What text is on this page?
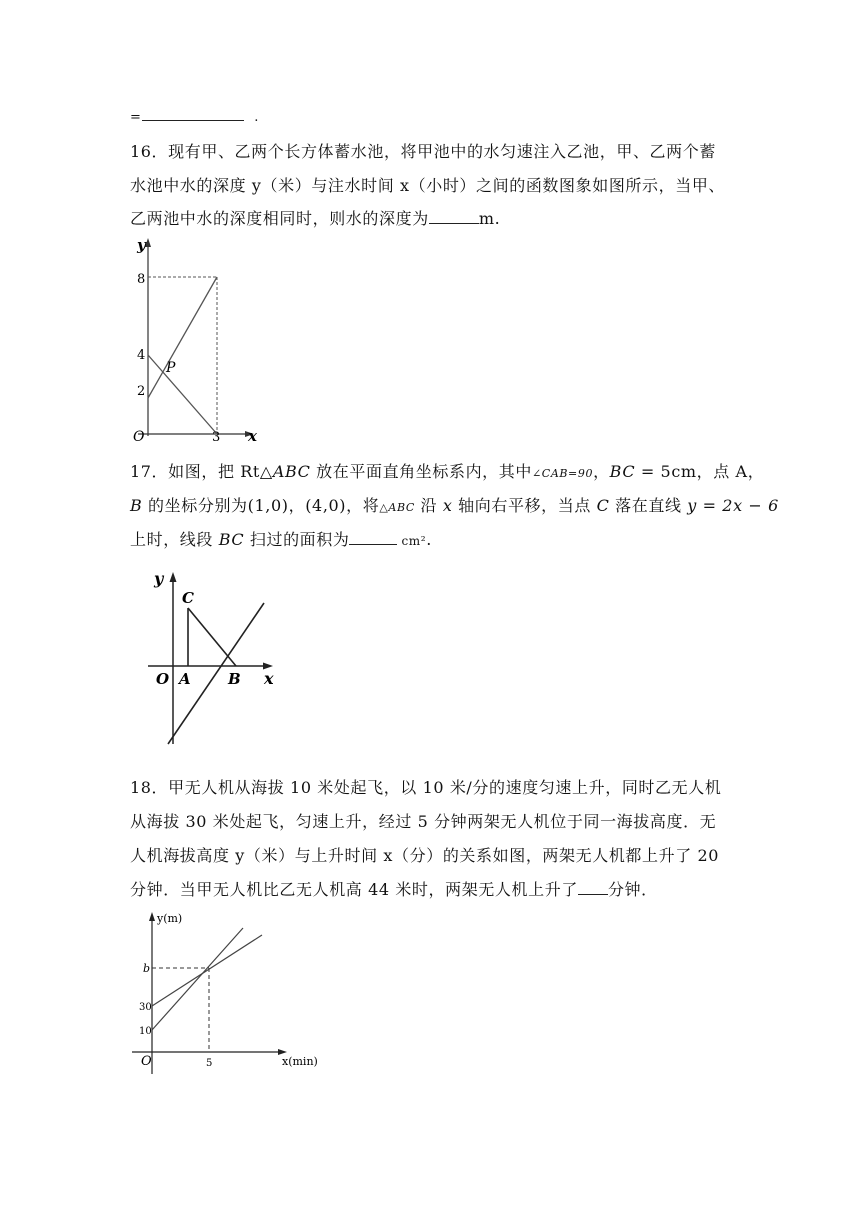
=	.
16．现有甲、乙两个长方体蓄水池，将甲池中的水匀速注入乙池，甲、乙两个蓄
水池中水的深度 y（米）与注水时间 x（小时）之间的函数图象如图所示，当甲、
乙两池中水的深度相同时，则水的深度为	m.
y
8
4
2
P
O	3 x
17．如图，把 Rt△ABC 放在平面直角坐标系内，其中∠CAB=90，BC = 5cm，点 A，
B 的坐标分别为(1,0)，(4,0)，将△ABC 沿 x 轴向右平移，当点 C 落在直线 y = 2x − 6
上时，线段 BC 扫过的面积为	cm².
y
C
O A B x
18．甲无人机从海拔 10 米处起飞，以 10 米/分的速度匀速上升，同时乙无人机
从海拔 30 米处起飞，匀速上升，经过 5 分钟两架无人机位于同一海拔高度．无
人机海拔高度 y（米）与上升时间 x（分）的关系如图，两架无人机都上升了 20
分钟．当甲无人机比乙无人机高 44 米时，两架无人机上升了 分钟．
y(m)
b
30
10
O	5	x(min)
